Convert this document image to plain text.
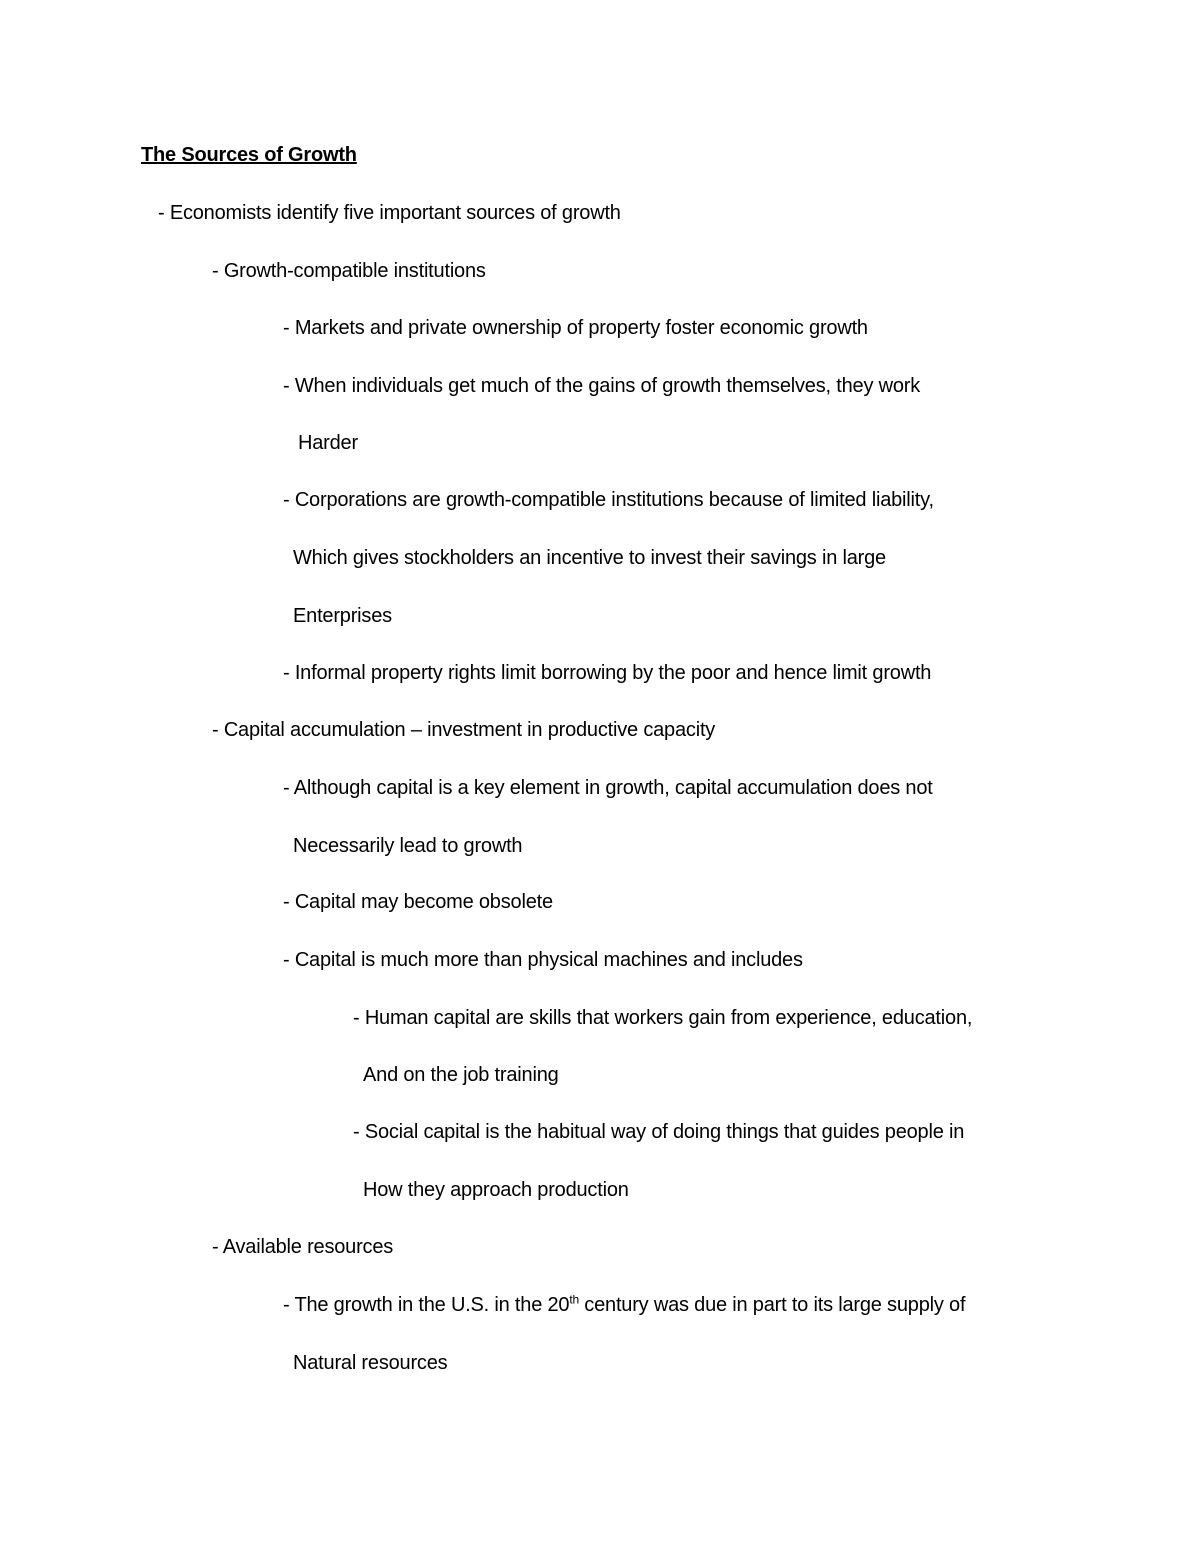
The Sources of Growth
- Economists identify five important sources of growth
- Growth-compatible institutions
- Markets and private ownership of property foster economic growth
- When individuals get much of the gains of growth themselves, they work
Harder
- Corporations are growth-compatible institutions because of limited liability,
Which gives stockholders an incentive to invest their savings in large
Enterprises
- Informal property rights limit borrowing by the poor and hence limit growth
- Capital accumulation – investment in productive capacity
- Although capital is a key element in growth, capital accumulation does not
Necessarily lead to growth
- Capital may become obsolete
- Capital is much more than physical machines and includes
- Human capital are skills that workers gain from experience, education,
And on the job training
- Social capital is the habitual way of doing things that guides people in
How they approach production
- Available resources
- The growth in the U.S. in the 20th century was due in part to its large supply of
Natural resources
